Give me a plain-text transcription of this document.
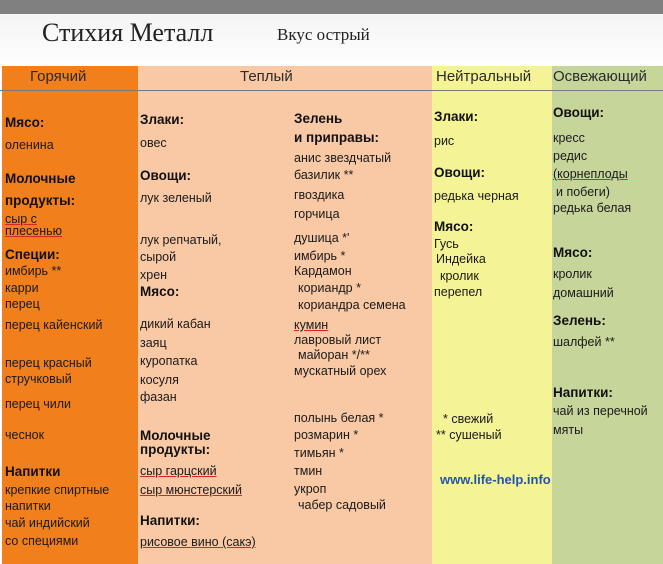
Стихия Металл	Вкус острый
Горячий	Теплый	Нейтральный Освежающий
Мясо:
оленина
Молочные
продукты:
сыр с
плесенью
Специи:
имбирь **
карри
перец
перец кайенский
перец красный
стручковый
перец чили
чеснок
Напитки
крепкие спиртные
напитки
чай индийский
со специями
Злаки:
овес
Овощи:
лук зеленый
лук репчатый,
сырой
хрен
Мясо:
дикий кабан
заяц
куропатка
косуля
фазан
Молочные
продукты:
сыр гарцский
сыр мюнстерский
Напитки:
рисовое вино (сакэ)
Зелень
и приправы:
анис звездчатый
базилик **
гвоздика
горчица
душица *'
имбирь *
Кардамон
кориандр *
кориандра семена
кумин
лавровый лист
майоран */**
мускатный орех
полынь белая *
розмарин *
тимьян *
тмин
укроп
чабер садовый
Злаки:
рис
Овощи:
редька черная
Мясо:
Гусь
Индейка
кролик
перепел
* свежий
** сушеный
Овощи:
кресс
редис
(корнеплоды
и побеги)
редька белая
Мясо:
кролик
домашний
Зелень:
шалфей **
Напитки:
чай из перечной
мяты
www.life-help.info
